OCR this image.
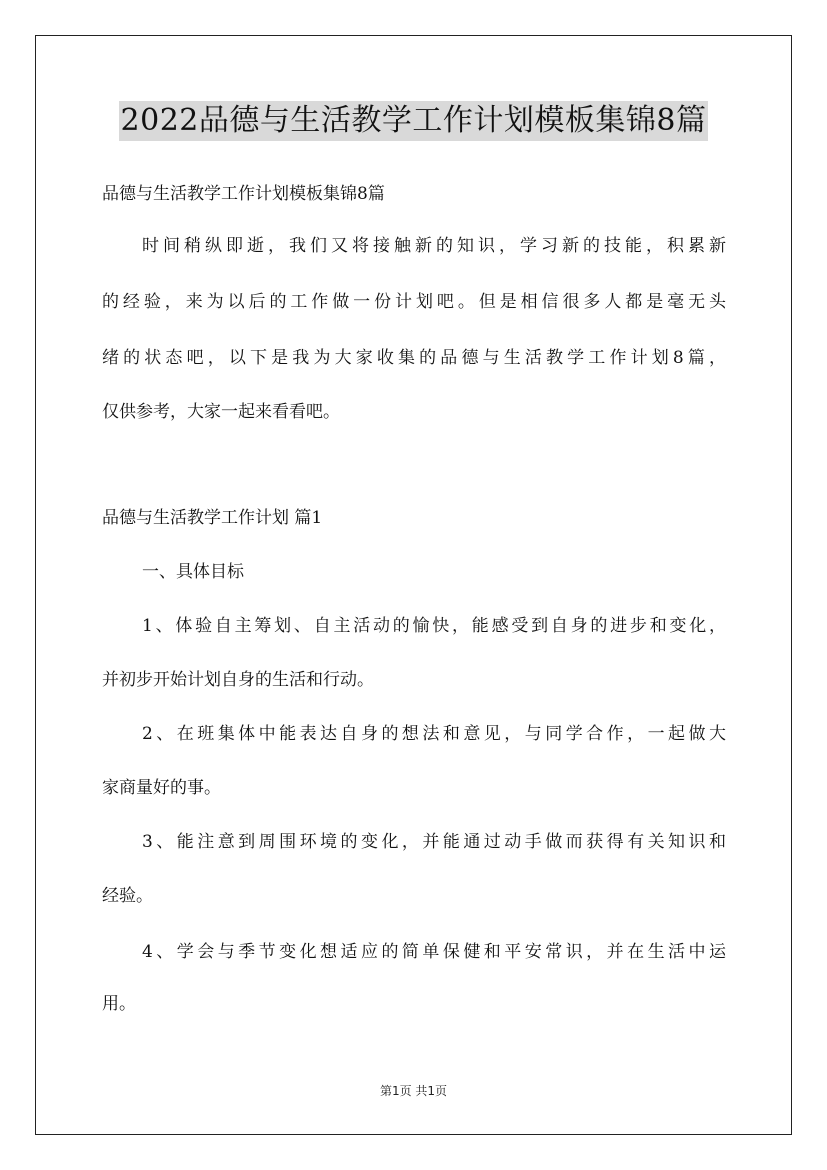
2022品德与生活教学工作计划模板集锦8篇

品德与生活教学工作计划模板集锦8篇

时间稍纵即逝，我们又将接触新的知识，学习新的技能，积累新

的经验，来为以后的工作做一份计划吧。但是相信很多人都是毫无头

绪的状态吧，以下是我为大家收集的品德与生活教学工作计划8篇，

仅供参考，大家一起来看看吧。

品德与生活教学工作计划 篇1

一、具体目标

1、体验自主筹划、自主活动的愉快，能感受到自身的进步和变化，

并初步开始计划自身的生活和行动。

2、在班集体中能表达自身的想法和意见，与同学合作，一起做大

家商量好的事。

3、能注意到周围环境的变化，并能通过动手做而获得有关知识和

经验。

4、学会与季节变化想适应的简单保健和平安常识，并在生活中运

用。

第1页 共1页
